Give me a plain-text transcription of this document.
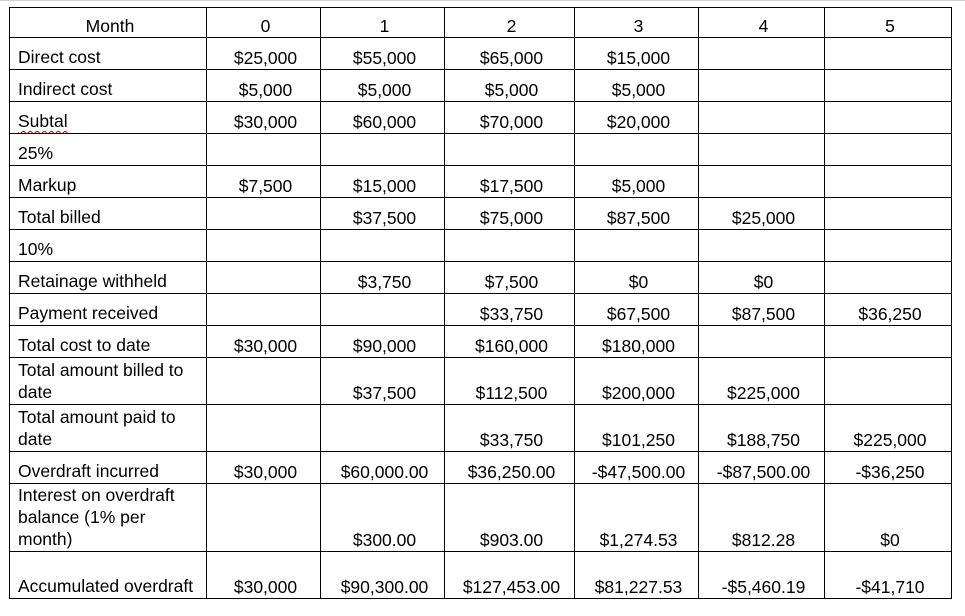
Month	0	1	2	3	4	5
Direct cost	$25,000	$55,000	$65,000	$15,000		
Indirect cost	$5,000	$5,000	$5,000	$5,000		
Subtal	$30,000	$60,000	$70,000	$20,000		
25%						
Markup	$7,500	$15,000	$17,500	$5,000		
Total billed		$37,500	$75,000	$87,500	$25,000	
10%						
Retainage withheld		$3,750	$7,500	$0	$0	
Payment received			$33,750	$67,500	$87,500	$36,250
Total cost to date	$30,000	$90,000	$160,000	$180,000		
Total amount billed to date		$37,500	$112,500	$200,000	$225,000	
Total amount paid to date			$33,750	$101,250	$188,750	$225,000
Overdraft incurred	$30,000	$60,000.00	$36,250.00	-$47,500.00	-$87,500.00	-$36,250
Interest on overdraft balance (1% per month)		$300.00	$903.00	$1,274.53	$812.28	$0
Accumulated overdraft	$30,000	$90,300.00	$127,453.00	$81,227.53	-$5,460.19	-$41,710
